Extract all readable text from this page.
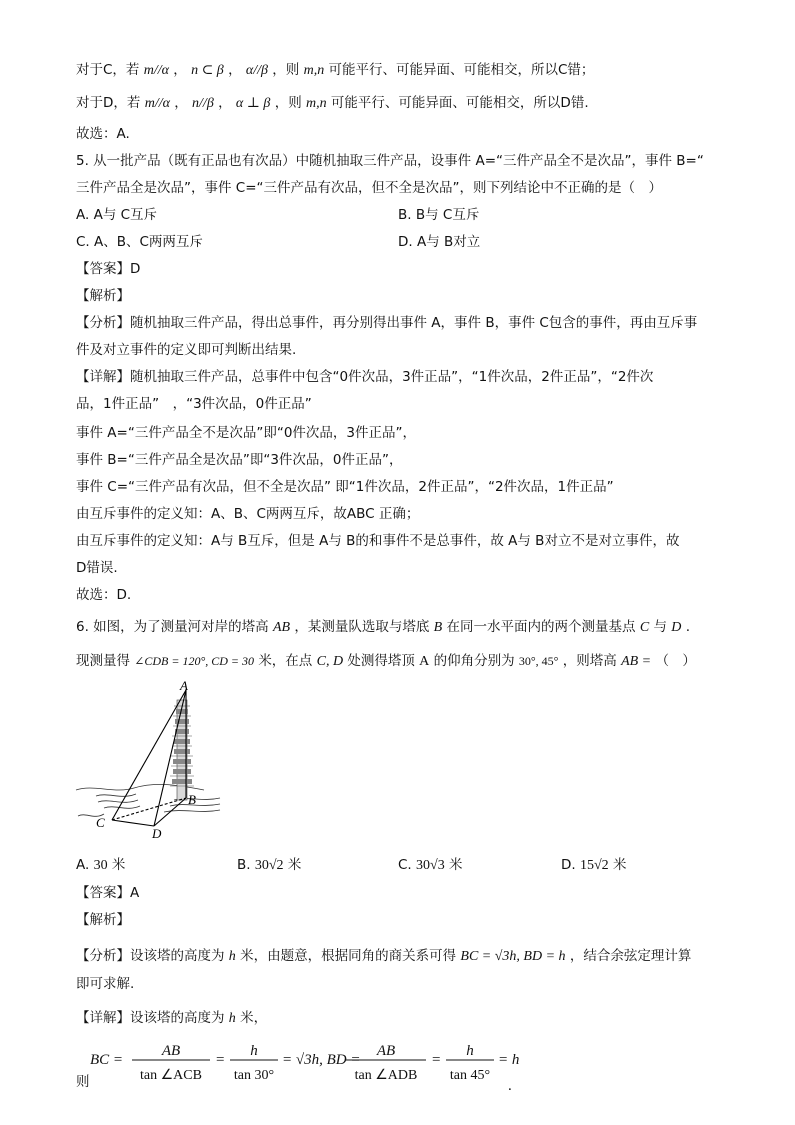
对于C，若 m//α ， n ⊂ β ， α//β ，则 m,n 可能平行、可能异面、可能相交，所以C错；
对于D，若 m//α ， n//β ， α ⊥ β ，则 m,n 可能平行、可能异面、可能相交，所以D错.
故选：A.
5. 从一批产品（既有正品也有次品）中随机抽取三件产品，设事件 A=“三件产品全不是次品”，事件 B=“
三件产品全是次品”，事件 C=“三件产品有次品，但不全是次品”，则下列结论中不正确的是（　）
A. A与 C互斥	B. B与 C互斥
C. A、B、C两两互斥	D. A与 B对立
【答案】D
【解析】
【分析】随机抽取三件产品，得出总事件，再分别得出事件 A，事件 B，事件 C包含的事件，再由互斥事
件及对立事件的定义即可判断出结果.
【详解】随机抽取三件产品，总事件中包含“0件次品，3件正品”，“1件次品，2件正品”，“2件次
品，1件正品”　，“3件次品，0件正品”
事件 A=“三件产品全不是次品”即“0件次品，3件正品”，
事件 B=“三件产品全是次品”即“3件次品，0件正品”，
事件 C=“三件产品有次品，但不全是次品” 即“1件次品，2件正品”，“2件次品，1件正品”
由互斥事件的定义知：A、B、C两两互斥，故ABC 正确；
由互斥事件的定义知：A与 B互斥，但是 A与 B的和事件不是总事件，故 A与 B对立不是对立事件，故
D错误.
故选：D.
6. 如图，为了测量河对岸的塔高 AB ，某测量队选取与塔底 B 在同一水平面内的两个测量基点 C 与 D .
现测量得 ∠CDB = 120°, CD = 30 米，在点 C, D 处测得塔顶 A 的仰角分别为 30°, 45° ，则塔高 AB = （　）
A
B
C
D
A. 30 米	B. 30√2 米	C. 30√3 米	D. 15√2 米
【答案】A
【解析】
【分析】设该塔的高度为 h 米，由题意，根据同角的商关系可得 BC = √3h, BD = h ，结合余弦定理计算
即可求解.
【详解】设该塔的高度为 h 米，
则
BC =
AB
tan ∠ACB
=
h
tan 30°
= √3h, BD =
AB
tan ∠ADB
=
h
tan 45°
= h
.
